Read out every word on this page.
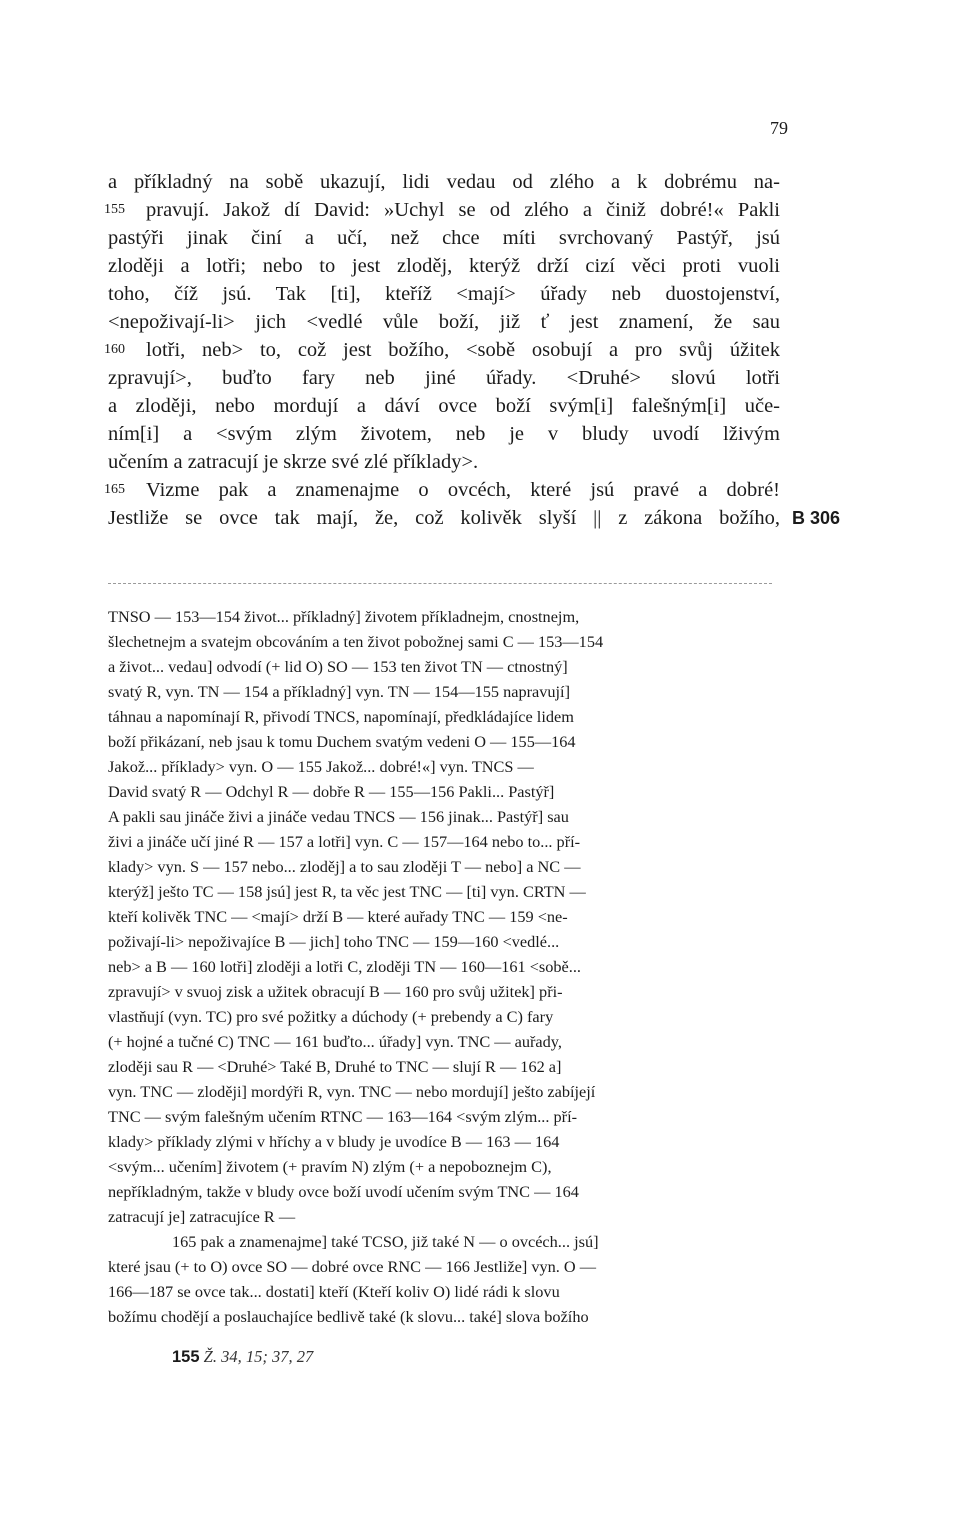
79
a příkladný na sobě ukazují, lidi vedau od zlého a k dobrému na-
155 pravují. Jakož dí David: »Uchyl se od zlého a činiž dobré!« Pakli
pastýři jinak činí a učí, než chce míti svrchovaný Pastýř, jsú
zloději a lotři; nebo to jest zloděj, kterýž drží cizí věci proti vuoli
toho, číž jsú. Tak [ti], kteříž <mají> úřady neb duostojenství,
<nepoživají-li> jich <vedlé vůle boží, již ť jest znamení, že sau
160 lotři, neb> to, což jest božího, <sobě osobují a pro svůj úžitek
zpravují>, buďto fary neb jiné úřady. <Druhé> slovú lotři
a zloději, nebo mordují a dáví ovce boží svým[i] falešným[i] uče-
ním[i] a <svým zlým životem, neb je v bludy uvodí lživým
učením a zatracují je skrze své zlé příklady>.
165 Vizme pak a znamenajme o ovcéch, které jsú pravé a dobré!
Jestliže se ovce tak mají, že, což kolivěk slyší || z zákona božího, B 306
TNSO — 153—154 život... příkladný] životem příkladnejm, cnostnejm,
šlechetnejm a svatejm obcováním a ten život pobožnej sami C — 153—154
a život... vedau] odvodí (+ lid O) SO — 153 ten život TN — ctnostný]
svatý R, vyn. TN — 154 a příkladný] vyn. TN — 154—155 napravují]
táhnau a napomínají R, přivodí TNCS, napomínají, předkládajíce lidem
boží přikázaní, neb jsau k tomu Duchem svatým vedeni O — 155—164
Jakož... příklady> vyn. O — 155 Jakož... dobré!«] vyn. TNCS —
David svatý R — Odchyl R — dobře R — 155—156 Pakli... Pastýř]
A pakli sau jináče živi a jináče vedau TNCS — 156 jinak... Pastýř] sau
živi a jináče učí jiné R — 157 a lotři] vyn. C — 157—164 nebo to... pří-
klady> vyn. S — 157 nebo... zloděj] a to sau zloději T — nebo] a NC —
kterýž] ješto TC — 158 jsú] jest R, ta věc jest TNC — [ti] vyn. CRTN —
kteří kolivěk TNC — <mají> drží B — které auřady TNC — 159 <ne-
poživají-li> nepoživajíce B — jich] toho TNC — 159—160 <vedlé...
neb> a B — 160 lotři] zloději a lotři C, zloději TN — 160—161 <sobě...
zpravují> v svuoj zisk a užitek obracují B — 160 pro svůj užitek] při-
vlastňují (vyn. TC) pro své požitky a dúchody (+ prebendy a C) fary
(+ hojné a tučné C) TNC — 161 buďto... úřady] vyn. TNC — auřady,
zloději sau R — <Druhé> Také B, Druhé to TNC — slují R — 162 a]
vyn. TNC — zloději] mordýři R, vyn. TNC — nebo mordují] ješto zabíjejí
TNC — svým falešným učením RTNC — 163—164 <svým zlým... pří-
klady> příklady zlými v hříchy a v bludy je uvodíce B — 163 — 164
<svým... učením] životem (+ pravím N) zlým (+ a nepoboznejm C),
nepříkladným, takže v bludy ovce boží uvodí učením svým TNC — 164
zatracují je] zatracujíce R —
165 pak a znamenajme] také TCSO, již také N — o ovcéch... jsú]
které jsau (+ to O) ovce SO — dobré ovce RNC — 166 Jestliže] vyn. O —
166—187 se ovce tak... dostati] kteří (Kteří koliv O) lidé rádi k slovu
božímu chodějí a poslauchajíce bedlivě také (k slovu... také] slova božího
155 Ž. 34, 15; 37, 27
